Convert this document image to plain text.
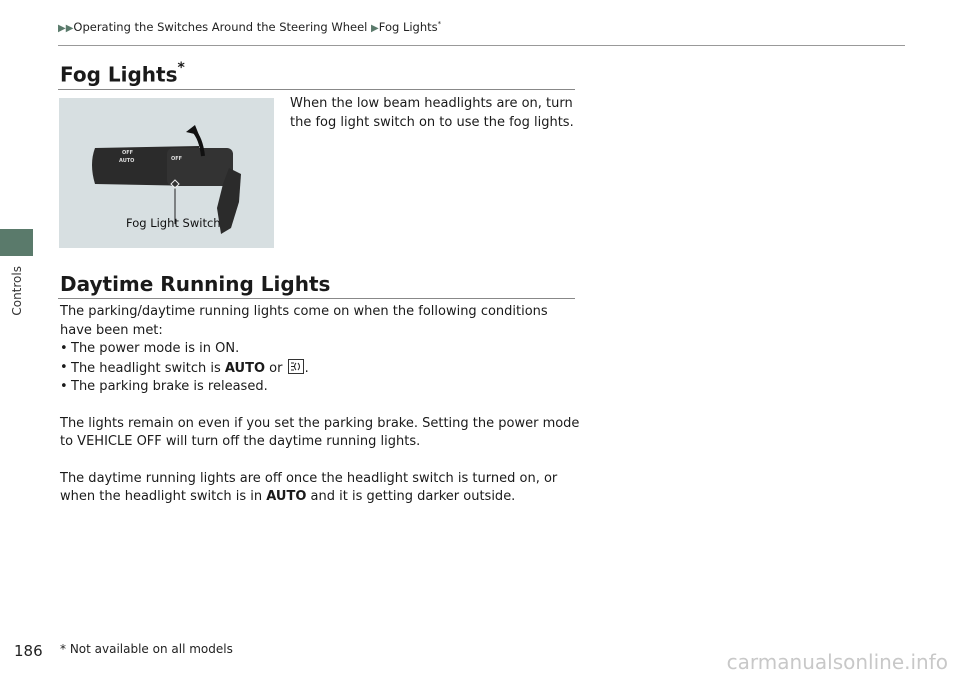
Controls
▶▶Operating the Switches Around the Steering Wheel ▶Fog Lights*
Fog Lights*
OFF
AUTO	OFF
Fog Light Switch

When the low beam headlights are on, turn the fog light switch on to use the fog lights.

Daytime Running Lights

The parking/daytime running lights come on when the following conditions have been met:

• The power mode is in ON.
• The headlight switch is AUTO or .
• The parking brake is released.

The lights remain on even if you set the parking brake. Setting the power mode to VEHICLE OFF will turn off the daytime running lights.

The daytime running lights are off once the headlight switch is turned on, or when the headlight switch is in AUTO and it is getting darker outside.

186 * Not available on all models
carmanualsonline.info
